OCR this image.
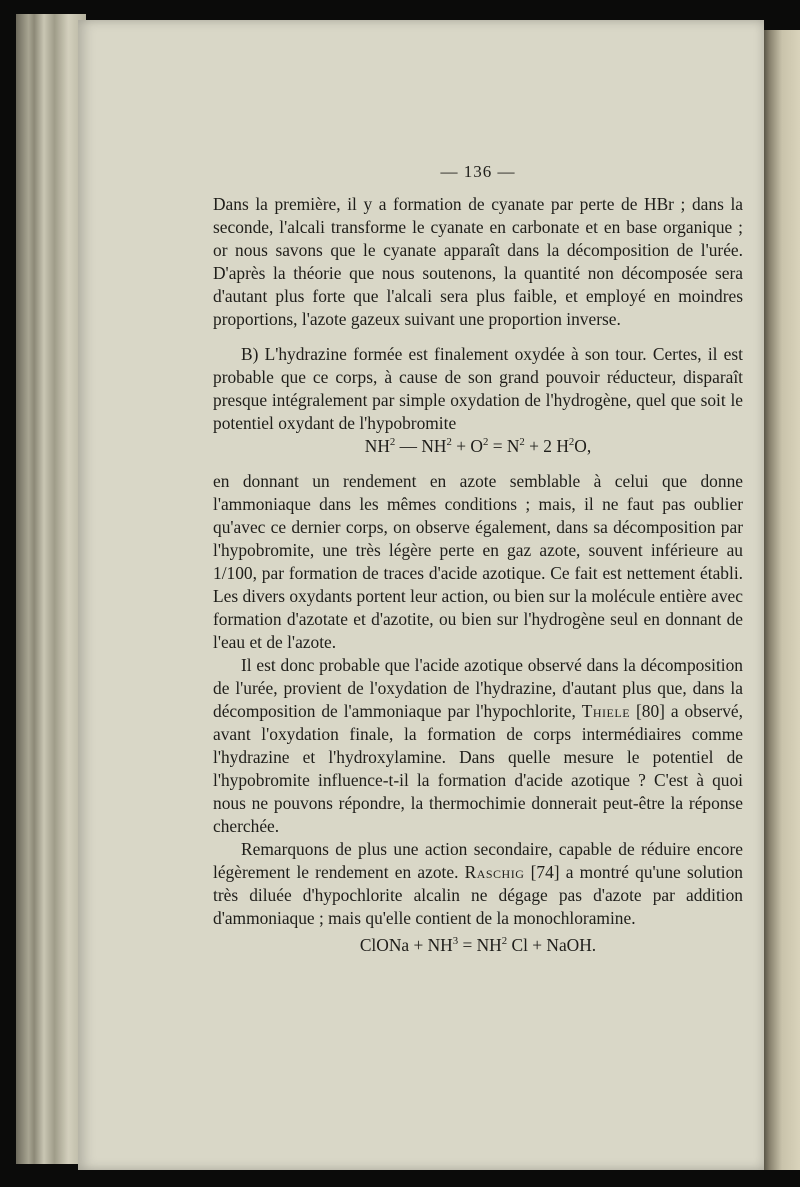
— 136 —

Dans la première, il y a formation de cyanate par perte de HBr ; dans la seconde, l'alcali transforme le cyanate en carbonate et en base organique ; or nous savons que le cyanate apparaît dans la décomposition de l'urée. D'après la théorie que nous soutenons, la quantité non décomposée sera d'autant plus forte que l'alcali sera plus faible, et employé en moindres proportions, l'azote gazeux suivant une proportion inverse.

B) L'hydrazine formée est finalement oxydée à son tour. Certes, il est probable que ce corps, à cause de son grand pouvoir réducteur, disparaît presque intégralement par simple oxydation de l'hydrogène, quel que soit le potentiel oxydant de l'hypobromite

$NH^2$ — $NH^2 + O^2 = N^2 + 2$ $H^2O$,

en donnant un rendement en azote semblable à celui que donne l'ammoniaque dans les mêmes conditions ; mais, il ne faut pas oublier qu'avec ce dernier corps, on observe également, dans sa décomposition par l'hypobromite, une très légère perte en gaz azote, souvent inférieure au 1/100, par formation de traces d'acide azotique. Ce fait est nettement établi. Les divers oxydants portent leur action, ou bien sur la molécule entière avec formation d'azotate et d'azotite, ou bien sur l'hydrogène seul en donnant de l'eau et de l'azote.

Il est donc probable que l'acide azotique observé dans la décomposition de l'urée, provient de l'oxydation de l'hydrazine, d'autant plus que, dans la décomposition de l'ammoniaque par l'hypochlorite, Thiele [80] a observé, avant l'oxydation finale, la formation de corps intermédiaires comme l'hydrazine et l'hydroxylamine. Dans quelle mesure le potentiel de l'hypobromite influence-t-il la formation d'acide azotique ? C'est à quoi nous ne pouvons répondre, la thermochimie donnerait peut-être la réponse cherchée.

Remarquons de plus une action secondaire, capable de réduire encore légèrement le rendement en azote. Raschig [74] a montré qu'une solution très diluée d'hypochlorite alcalin ne dégage pas d'azote par addition d'ammoniaque ; mais qu'elle contient de la monochloramine.

ClONa + $NH^3 = NH^2$ Cl + NaOH.
